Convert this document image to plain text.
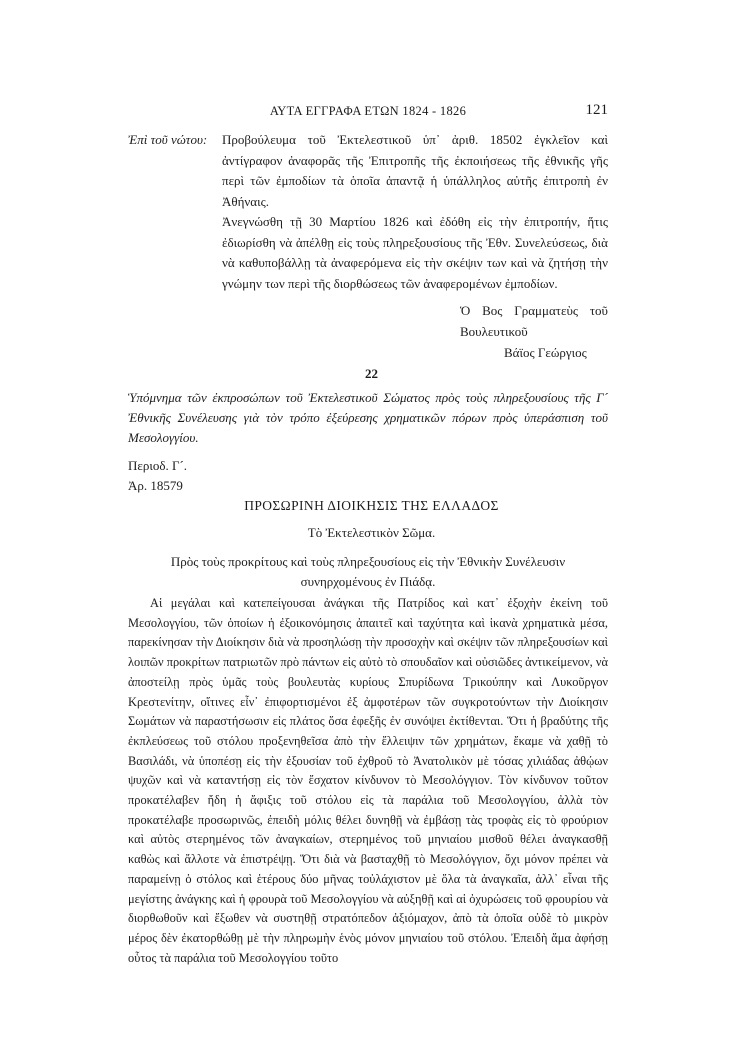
ΑΥΤΑ ΕΓΓΡΑΦΑ ΕΤΩΝ 1824 - 1826	121
Ἐπὶ τοῦ νώτου:	Προβούλευμα τοῦ Ἐκτελεστικοῦ ὑπ᾽ ἀριθ. 18502 ἐγκλεῖον καὶ ἀντίγραφον ἀναφορᾶς τῆς Ἐπιτροπῆς τῆς ἐκποιήσεως τῆς ἐθνικῆς γῆς περὶ τῶν ἐμποδίων τὰ ὁποῖα ἀπαντᾷ ἡ ὑπάλληλος αὐτῆς ἐπιτροπὴ ἐν Ἀθήναις.

Ἀνεγνώσθη τῇ 30 Μαρτίου 1826 καὶ ἐδόθη εἰς τὴν ἐπιτροπήν, ἥτις ἐδιωρίσθη νὰ ἀπέλθῃ εἰς τοὺς πληρεξουσίους τῆς Ἐθν. Συνελεύσεως, διὰ νὰ καθυποβάλλῃ τὰ ἀναφερόμενα εἰς τὴν σκέψιν των καὶ νὰ ζητήσῃ τὴν γνώμην των περὶ τῆς διορθώσεως τῶν ἀναφερομένων ἐμποδίων.

Ὁ Βος Γραμματεὺς τοῦ Βουλευτικοῦ
Βάϊος Γεώργιος
22
Ὑπόμνημα τῶν ἐκπροσώπων τοῦ Ἐκτελεστικοῦ Σώματος πρὸς τοὺς πληρεξουσίους τῆς Γ´ Ἐθνικῆς Συνέλευσης γιὰ τὸν τρόπο ἐξεύρεσης χρηματικῶν πόρων πρὸς ὑπεράσπιση τοῦ Μεσολογγίου.
Περιοδ. Γ´.
Ἀρ. 18579
ΠΡΟΣΩΡΙΝΗ ΔΙΟΙΚΗΣΙΣ ΤΗΣ ΕΛΛΑΔΟΣ
Τὸ Ἐκτελεστικὸν Σῶμα.
Πρὸς τοὺς προκρίτους καὶ τοὺς πληρεξουσίους εἰς τὴν Ἐθνικὴν Συνέλευσιν συνηρχομένους ἐν Πιάδᾳ.

Αἱ μεγάλαι καὶ κατεπείγουσαι ἀνάγκαι τῆς Πατρίδος καὶ κατ᾽ ἐξοχὴν ἐκείνη τοῦ Μεσολογγίου, τῶν ὁποίων ἡ ἐξοικονόμησις ἀπαιτεῖ καὶ ταχύτητα καὶ ἱκανὰ χρηματικὰ μέσα, παρεκίνησαν τὴν Διοίκησιν διὰ νὰ προσηλώσῃ τὴν προσοχὴν καὶ σκέψιν τῶν πληρεξουσίων καὶ λοιπῶν προκρίτων πατριωτῶν πρὸ πάντων εἰς αὐτὸ τὸ σπουδαῖον καὶ οὐσιῶδες ἀντικείμενον, νὰ ἀποστείλῃ πρὸς ὑμᾶς τοὺς βουλευτὰς κυρίους Σπυρίδωνα Τρικούπην καὶ Λυκοῦργον Κρεστενίτην, οἵτινες εἶν᾽ ἐπιφορτισμένοι ἐξ ἀμφοτέρων τῶν συγκροτούντων τὴν Διοίκησιν Σωμάτων νὰ παραστήσωσιν εἰς πλάτος ὅσα ἐφεξῆς ἐν συνόψει ἐκτίθενται. Ὅτι ἡ βραδύτης τῆς ἐκπλεύσεως τοῦ στόλου προξενηθεῖσα ἀπὸ τὴν ἔλλειψιν τῶν χρημάτων, ἔκαμε νὰ χαθῇ τὸ Βασιλάδι, νὰ ὑποπέσῃ εἰς τὴν ἐξουσίαν τοῦ ἐχθροῦ τὸ Ἀνατολικὸν μὲ τόσας χιλιάδας ἀθῴων ψυχῶν καὶ νὰ καταντήσῃ εἰς τὸν ἔσχατον κίνδυνον τὸ Μεσολόγγιον. Τὸν κίνδυνον τοῦτον προκατέλαβεν ἤδη ἡ ἄφιξις τοῦ στόλου εἰς τὰ παράλια τοῦ Μεσολογγίου, ἀλλὰ τὸν προκατέλαβε προσωρινῶς, ἐπειδὴ μόλις θέλει δυνηθῇ νὰ ἐμβάσῃ τὰς τροφὰς εἰς τὸ φρούριον καὶ αὐτὸς στερημένος τῶν ἀναγκαίων, στερημένος τοῦ μηνιαίου μισθοῦ θέλει ἀναγκασθῇ καθὼς καὶ ἄλλοτε νὰ ἐπιστρέψῃ. Ὅτι διὰ νὰ βασταχθῇ τὸ Μεσολόγγιον, ὄχι μόνον πρέπει νὰ παραμείνῃ ὁ στόλος καὶ ἑτέρους δύο μῆνας τοὐλάχιστον μὲ ὅλα τὰ ἀναγκαῖα, ἀλλ᾽ εἶναι τῆς μεγίστης ἀνάγκης καὶ ἡ φρουρὰ τοῦ Μεσολογγίου νὰ αὐξηθῇ καὶ αἱ ὀχυρώσεις τοῦ φρουρίου νὰ διορθωθοῦν καὶ ἔξωθεν νὰ συστηθῇ στρατόπεδον ἀξιόμαχον, ἀπὸ τὰ ὁποῖα οὐδὲ τὸ μικρὸν μέρος δὲν ἐκατορθώθῃ μὲ τὴν πληρωμὴν ἑνὸς μόνον μηνιαίου τοῦ στόλου. Ἐπειδὴ ἅμα ἀφήσῃ οὗτος τὰ παράλια τοῦ Μεσολογγίου τοῦτο
